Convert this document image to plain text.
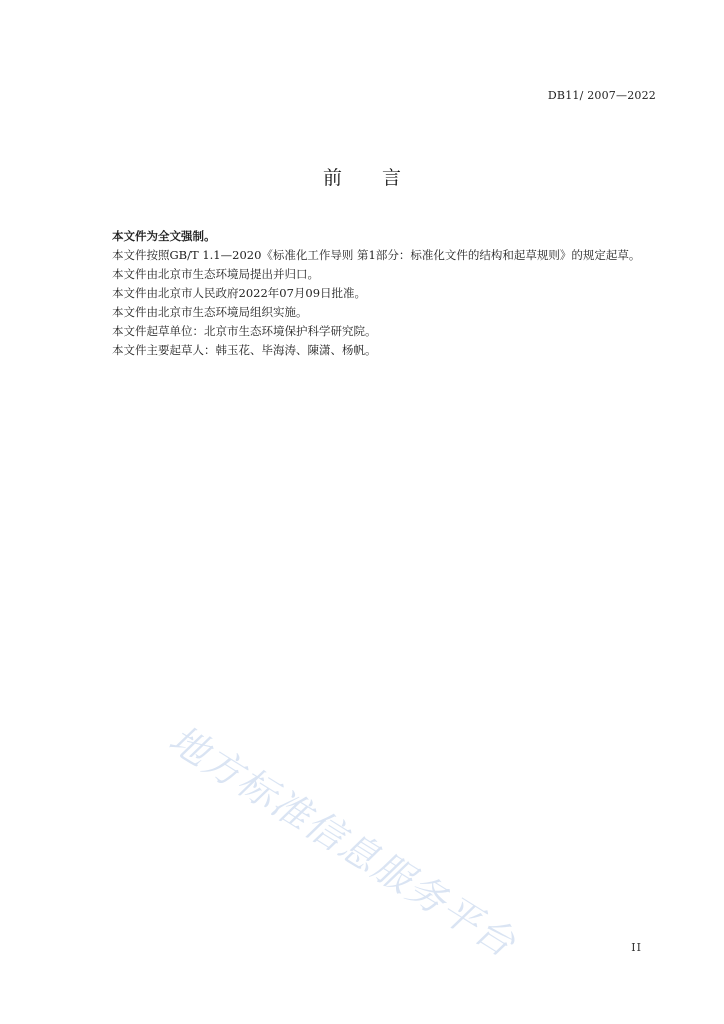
DB11/ 2007—2022
前言

本文件为全文强制。

本文件按照GB/T 1.1—2020《标准化工作导则 第1部分：标准化文件的结构和起草规则》的规定起草。

本文件由北京市生态环境局提出并归口。

本文件由北京市人民政府2022年07月09日批准。

本文件由北京市生态环境局组织实施。

本文件起草单位：北京市生态环境保护科学研究院。

本文件主要起草人：韩玉花、毕海涛、陳潇、杨帆。

地方标准信息服务平台	II
